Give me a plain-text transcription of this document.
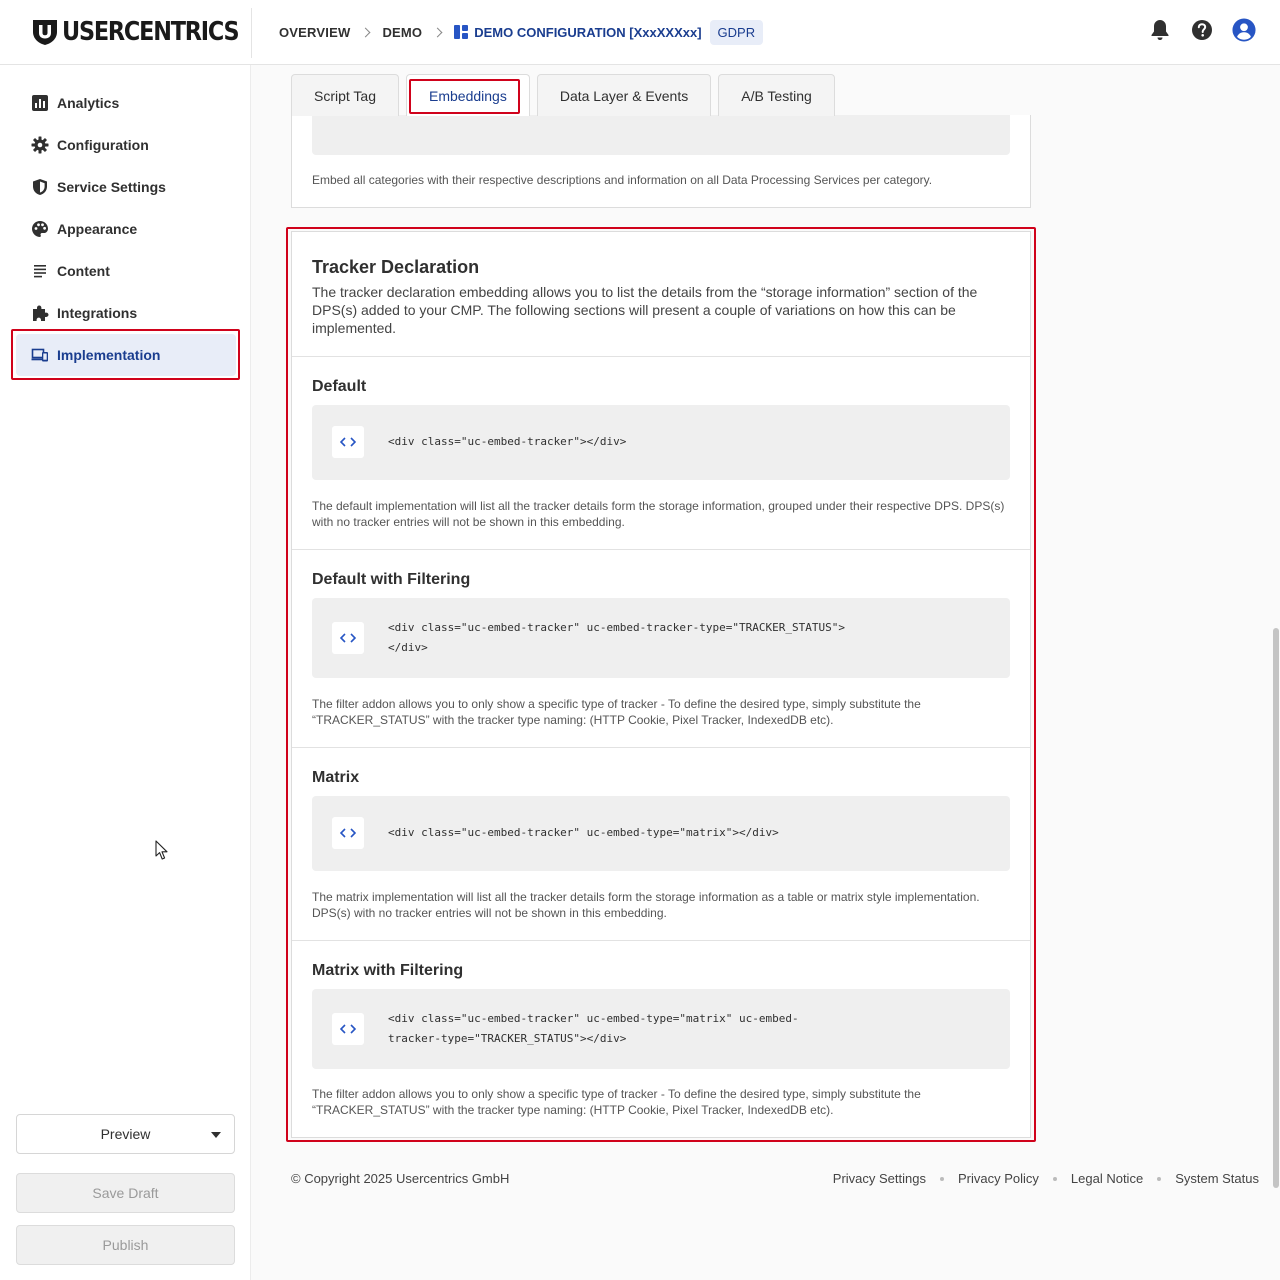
USERCENTRICS	OVERVIEW DEMO	DEMO CONFIGURATION [XxxXXXxx]	GDPR
Analytics
Configuration
Service Settings
Appearance
Content
Integrations
Implementation
Preview
Save Draft
Publish
Embed all categories with their respective descriptions and information on all Data Processing Services per category.
Script Tag	Embeddings	Data Layer & Events	A/B Testing
Tracker Declaration
The tracker declaration embedding allows you to list the details from the “storage information” section of the DPS(s) added to your CMP. The following sections will present a couple of variations on how this can be implemented.
Default
<div class="uc-embed-tracker"></div>
The default implementation will list all the tracker details form the storage information, grouped under their respective DPS. DPS(s) with no tracker entries will not be shown in this embedding.
Default with Filtering
<div class="uc-embed-tracker" uc-embed-tracker-type="TRACKER_STATUS">
</div>
The filter addon allows you to only show a specific type of tracker - To define the desired type, simply substitute the “TRACKER_STATUS” with the tracker type naming: (HTTP Cookie, Pixel Tracker, IndexedDB etc).
Matrix
<div class="uc-embed-tracker" uc-embed-type="matrix"></div>
The matrix implementation will list all the tracker details form the storage information as a table or matrix style implementation. DPS(s) with no tracker entries will not be shown in this embedding.
Matrix with Filtering
<div class="uc-embed-tracker" uc-embed-type="matrix" uc-embed-
tracker-type="TRACKER_STATUS"></div>
The filter addon allows you to only show a specific type of tracker - To define the desired type, simply substitute the “TRACKER_STATUS” with the tracker type naming: (HTTP Cookie, Pixel Tracker, IndexedDB etc).
© Copyright 2025 Usercentrics GmbH	Privacy Settings Privacy Policy Legal Notice System Status
